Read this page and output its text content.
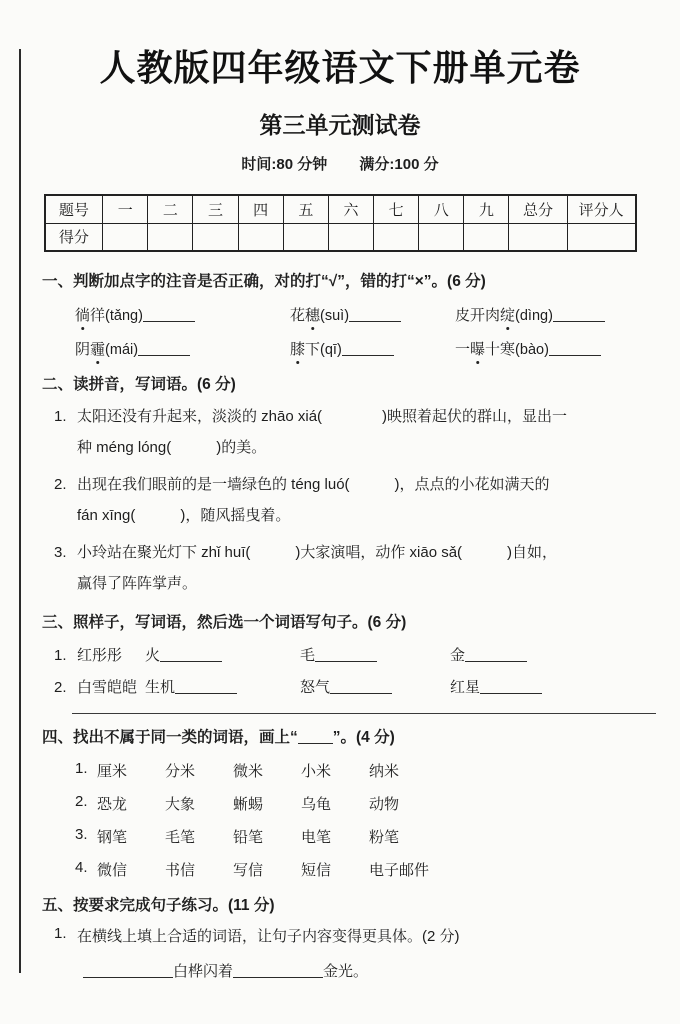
人教版四年级语文下册单元卷
第三单元测试卷
时间:80 分钟 满分:100 分
题号	一	二	三	四	五	六	七	八	九	总分	评分人
得分											
一、判断加点字的注音是否正确，对的打“√”，错的打“×”。(6 分)
徜徉(tǎng)	花穗(suì)	皮开肉绽(dìng)
阴霾(mái)	膝下(qī)	一曝十寒(bào)
二、读拼音，写词语。(6 分)
1. 太阳还没有升起来，淡淡的 zhāo xiá(　　　　)映照着起伏的群山，显出一
种 méng lóng(　　　)的美。
2. 出现在我们眼前的是一墙绿色的 téng luó(　　　)，点点的小花如满天的
fán xīng(　　　)，随风摇曳着。
3. 小玲站在聚光灯下 zhǐ huī(　　　)大家演唱，动作 xiāo sǎ(　　　)自如，
赢得了阵阵掌声。
三、照样子，写词语，然后选一个词语写句子。(6 分)
1. 红彤彤	火	毛	金
2. 白雪皑皑 生机	怒气	红星
四、找出不属于同一类的词语，画上“ ”。(4 分)
1. 厘米	分米	微米	小米	纳米
2. 恐龙	大象	蜥蜴	乌龟	动物
3. 钢笔	毛笔	铅笔	电笔	粉笔
4. 微信	书信	写信	短信	电子邮件
五、按要求完成句子练习。(11 分)
1. 在横线上填上合适的词语，让句子内容变得更具体。(2 分)
白桦闪着	金光。
